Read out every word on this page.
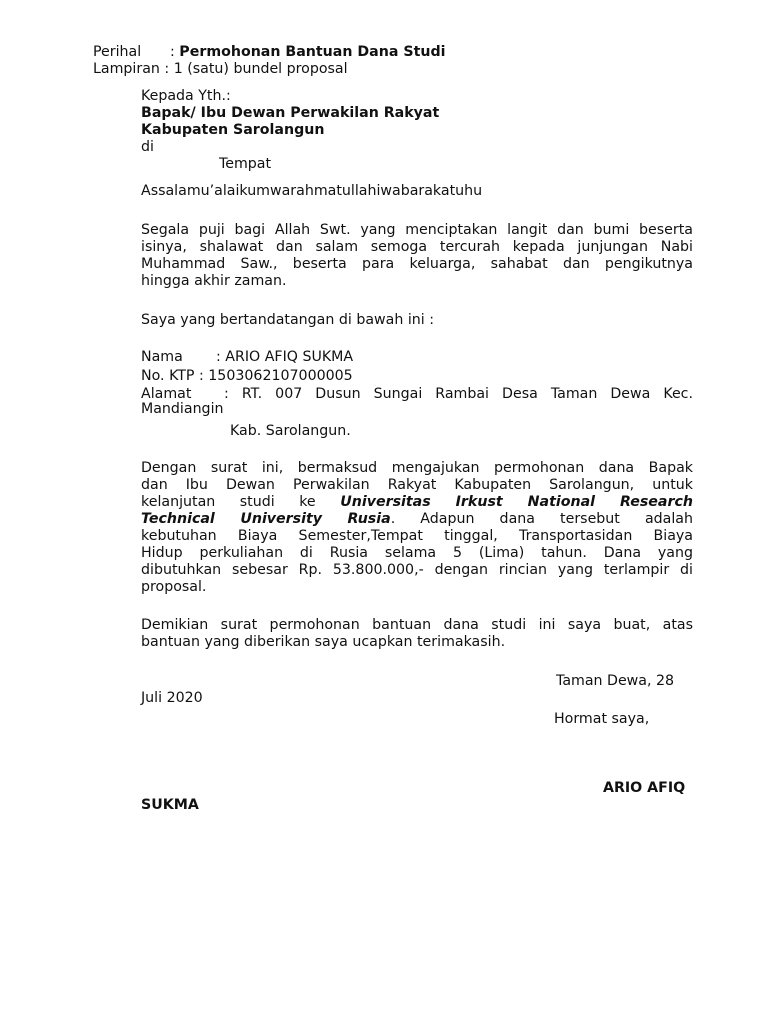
Perihal : Permohonan Bantuan Dana Studi
Lampiran : 1 (satu) bundel proposal
Kepada Yth.:
Bapak/ Ibu Dewan Perwakilan Rakyat
Kabupaten Sarolangun
di
Tempat
Assalamu’alaikumwarahmatullahiwabarakatuhu
Segala puji bagi Allah Swt. yang menciptakan langit dan bumi beserta
isinya, shalawat dan salam semoga tercurah kepada junjungan Nabi
Muhammad Saw., beserta para keluarga, sahabat dan pengikutnya
hingga akhir zaman.
Saya yang bertandatangan di bawah ini :
Nama : ARIO AFIQ SUKMA
No. KTP : 1503062107000005
Alamat : RT. 007 Dusun Sungai Rambai Desa Taman Dewa Kec.
Mandiangin
Kab. Sarolangun.
Dengan surat ini, bermaksud mengajukan permohonan dana Bapak
dan Ibu Dewan Perwakilan Rakyat Kabupaten Sarolangun, untuk
kelanjutan studi ke Universitas Irkust National Research
Technical University Rusia. Adapun dana tersebut adalah
kebutuhan Biaya Semester,Tempat tinggal, Transportasidan Biaya
Hidup perkuliahan di Rusia selama 5 (Lima) tahun. Dana yang
dibutuhkan sebesar Rp. 53.800.000,- dengan rincian yang terlampir di
proposal.
Demikian surat permohonan bantuan dana studi ini saya buat, atas
bantuan yang diberikan saya ucapkan terimakasih.
Taman Dewa, 28
Juli 2020
Hormat saya,
ARIO AFIQ
SUKMA
